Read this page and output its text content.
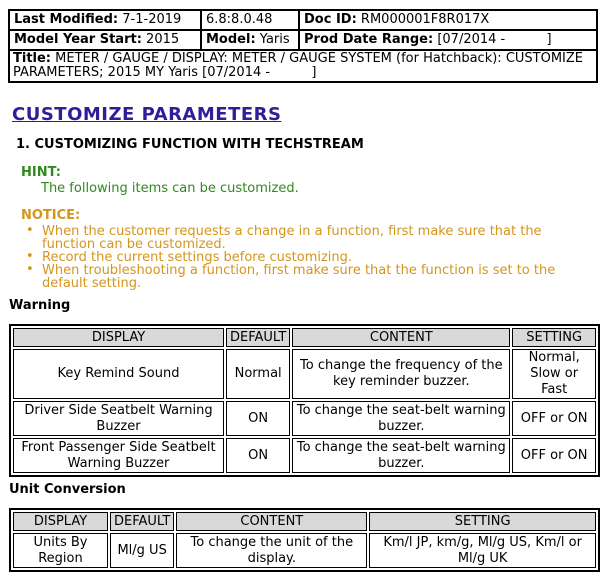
Last Modified: 7-1-2019	6.8:8.0.48	Doc ID: RM000001F8R017X
Model Year Start: 2015	Model: Yaris	Prod Date Range: [07/2014 -          ]
Title: METER / GAUGE / DISPLAY: METER / GAUGE SYSTEM (for Hatchback): CUSTOMIZE PARAMETERS; 2015 MY Yaris [07/2014 -          ]		
CUSTOMIZE PARAMETERS
1. CUSTOMIZING FUNCTION WITH TECHSTREAM
HINT:
The following items can be customized.
NOTICE:
• When the customer requests a change in a function, first make sure that the function can be customized.
• Record the current settings before customizing.
• When troubleshooting a function, first make sure that the function is set to the default setting.
Warning
DISPLAY	DEFAULT	CONTENT	SETTING
Key Remind Sound	Normal	To change the frequency of the key reminder buzzer.	Normal, Slow or Fast
Driver Side Seatbelt Warning Buzzer	ON	To change the seat-belt warning buzzer.	OFF or ON
Front Passenger Side Seatbelt Warning Buzzer	ON	To change the seat-belt warning buzzer.	OFF or ON
Unit Conversion
DISPLAY	DEFAULT	CONTENT	SETTING
Units By Region	Ml/g US	To change the unit of the display.	Km/l JP, km/g, Ml/g US, Km/l or Ml/g UK
